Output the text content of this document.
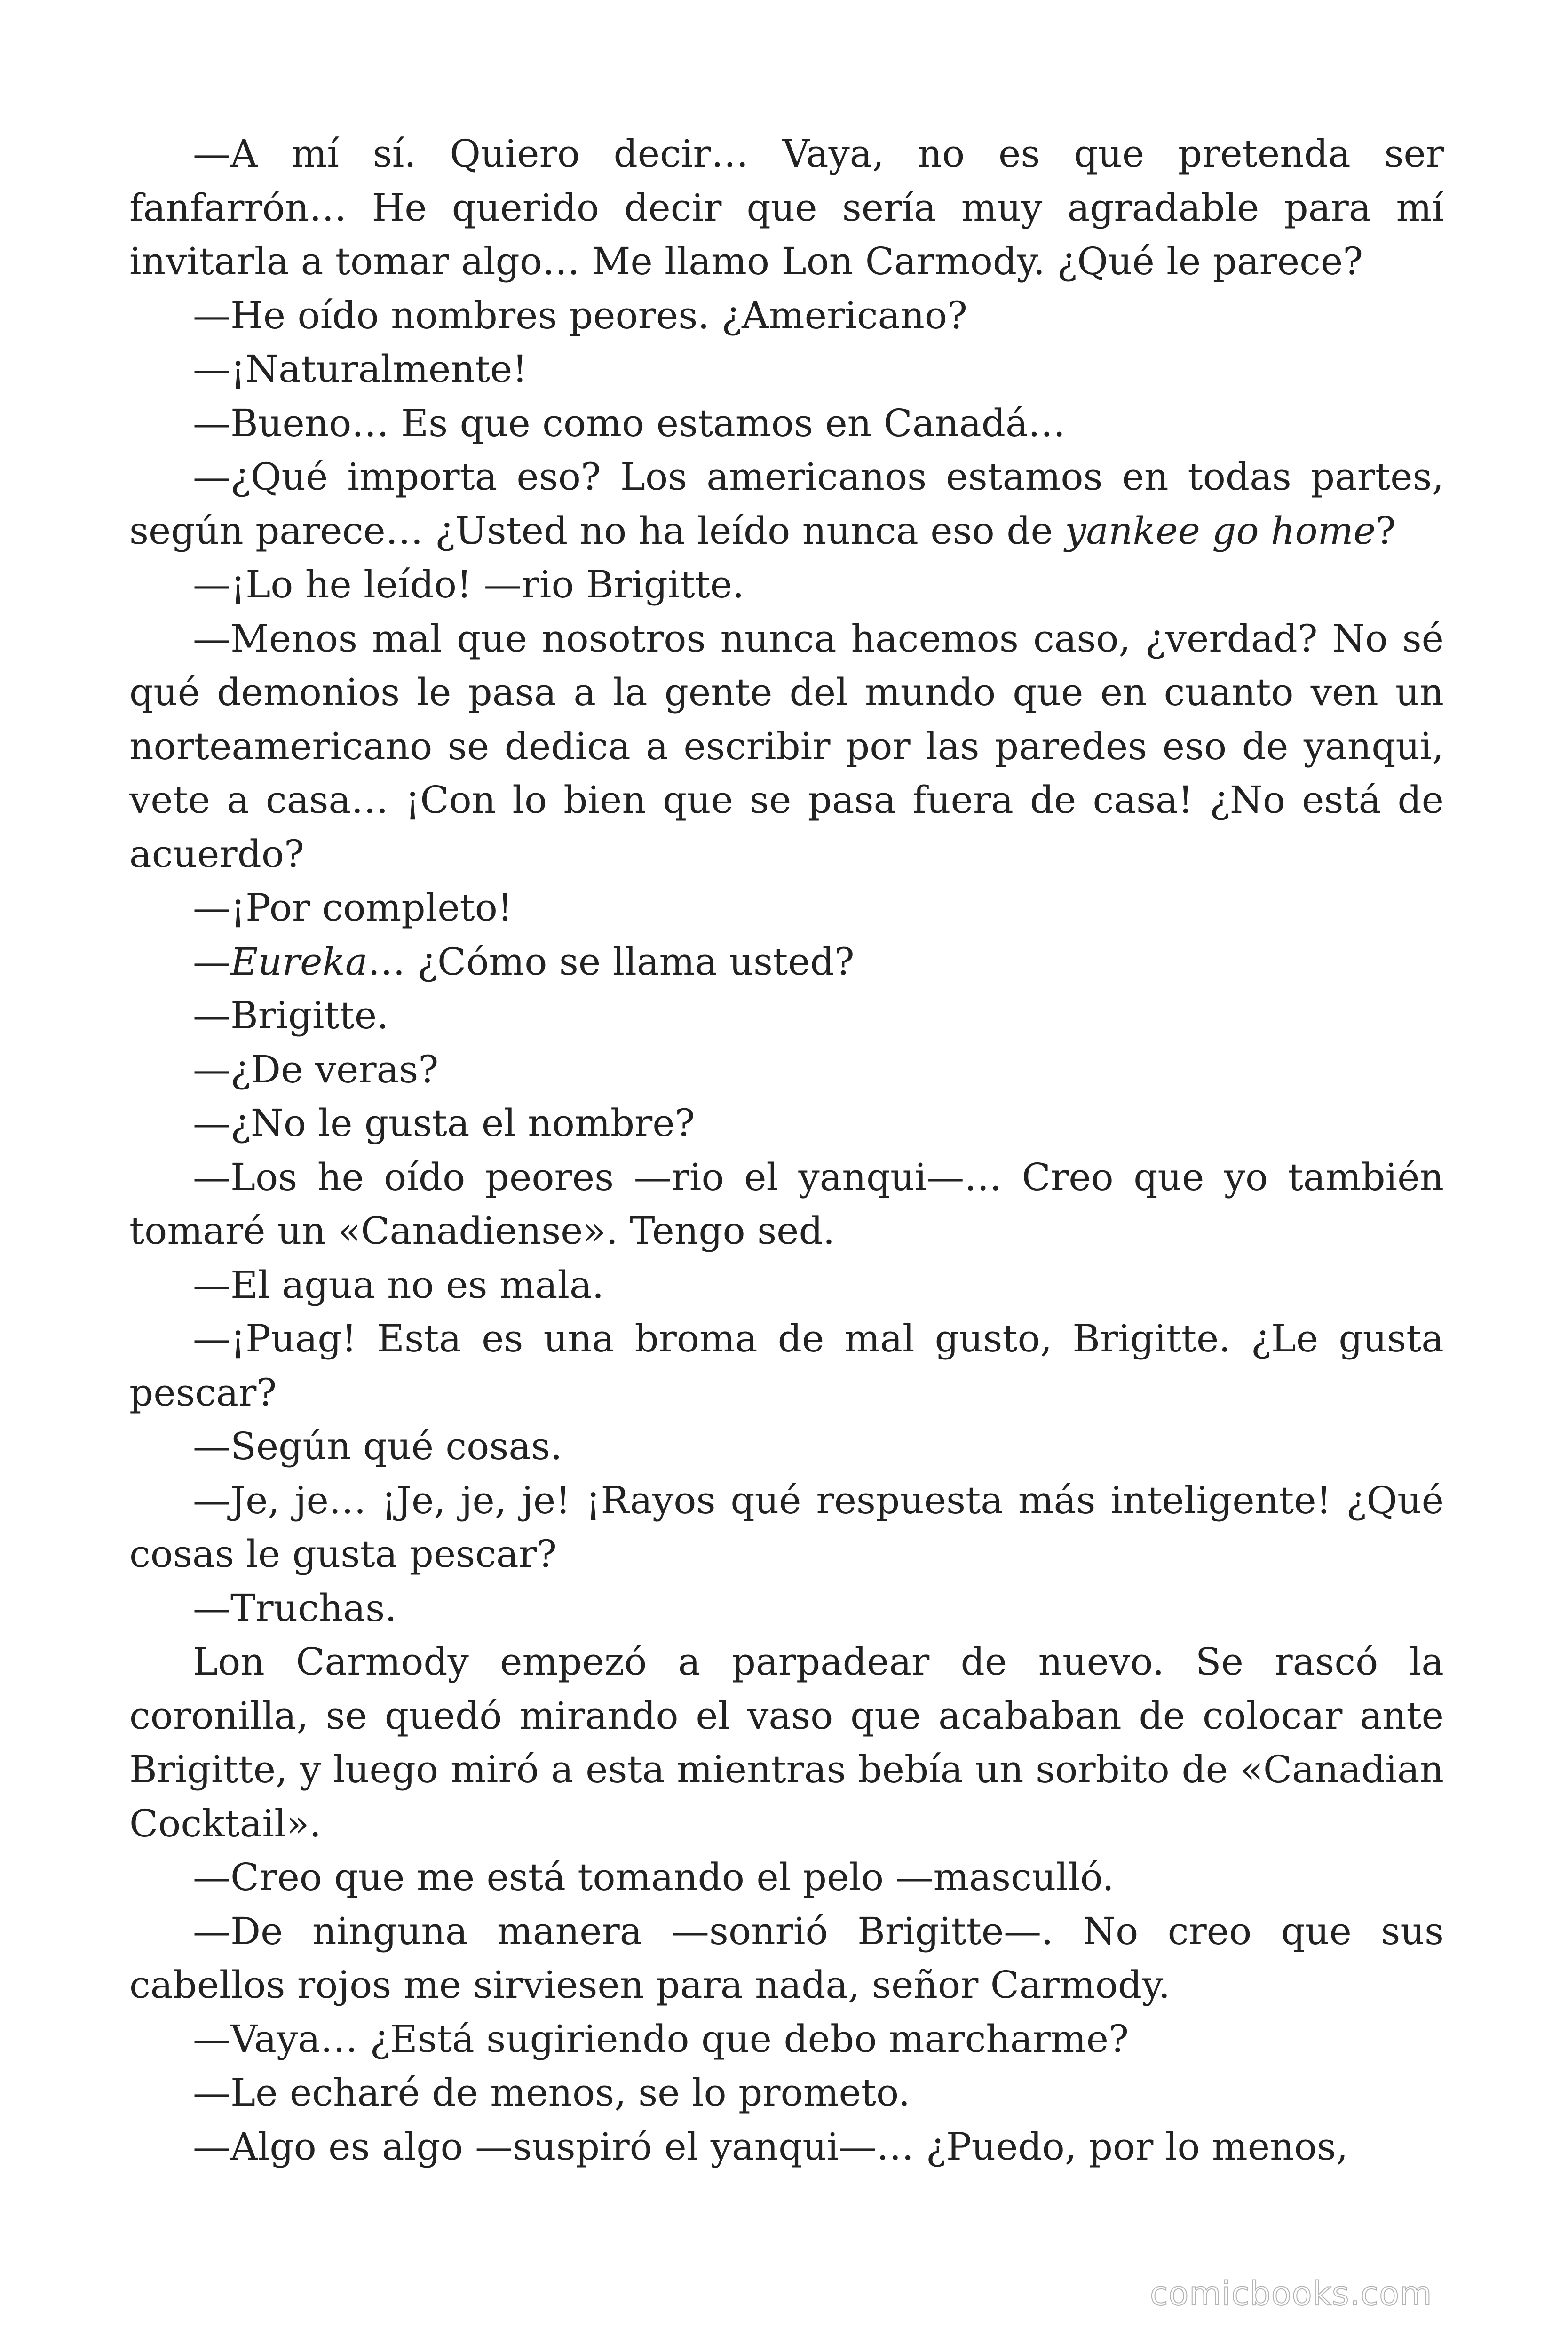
—A mí sí. Quiero decir… Vaya, no es que pretenda ser fanfarrón… He querido decir que sería muy agradable para mí invitarla a tomar algo… Me llamo Lon Carmody. ¿Qué le parece?

—He oído nombres peores. ¿Americano?

—¡Naturalmente!

—Bueno… Es que como estamos en Canadá…

—¿Qué importa eso? Los americanos estamos en todas partes, según parece… ¿Usted no ha leído nunca eso de yankee go home?

—¡Lo he leído! —rio Brigitte.

—Menos mal que nosotros nunca hacemos caso, ¿verdad? No sé qué demonios le pasa a la gente del mundo que en cuanto ven un norteamericano se dedica a escribir por las paredes eso de yanqui, vete a casa… ¡Con lo bien que se pasa fuera de casa! ¿No está de acuerdo?

—¡Por completo!

—Eureka… ¿Cómo se llama usted?

—Brigitte.

—¿De veras?

—¿No le gusta el nombre?

—Los he oído peores —rio el yanqui—… Creo que yo también tomaré un «Canadiense». Tengo sed.

—El agua no es mala.

—¡Puag! Esta es una broma de mal gusto, Brigitte. ¿Le gusta pescar?

—Según qué cosas.

—Je, je… ¡Je, je, je! ¡Rayos qué respuesta más inteligente! ¿Qué cosas le gusta pescar?

—Truchas.

Lon Carmody empezó a parpadear de nuevo. Se rascó la coronilla, se quedó mirando el vaso que acababan de colocar ante Brigitte, y luego miró a esta mientras bebía un sorbito de «Canadian Cocktail».

—Creo que me está tomando el pelo —masculló.

—De ninguna manera —sonrió Brigitte—. No creo que sus cabellos rojos me sirviesen para nada, señor Carmody.

—Vaya… ¿Está sugiriendo que debo marcharme?

—Le echaré de menos, se lo prometo.

—Algo es algo —suspiró el yanqui—… ¿Puedo, por lo menos,

comicbooks.com
